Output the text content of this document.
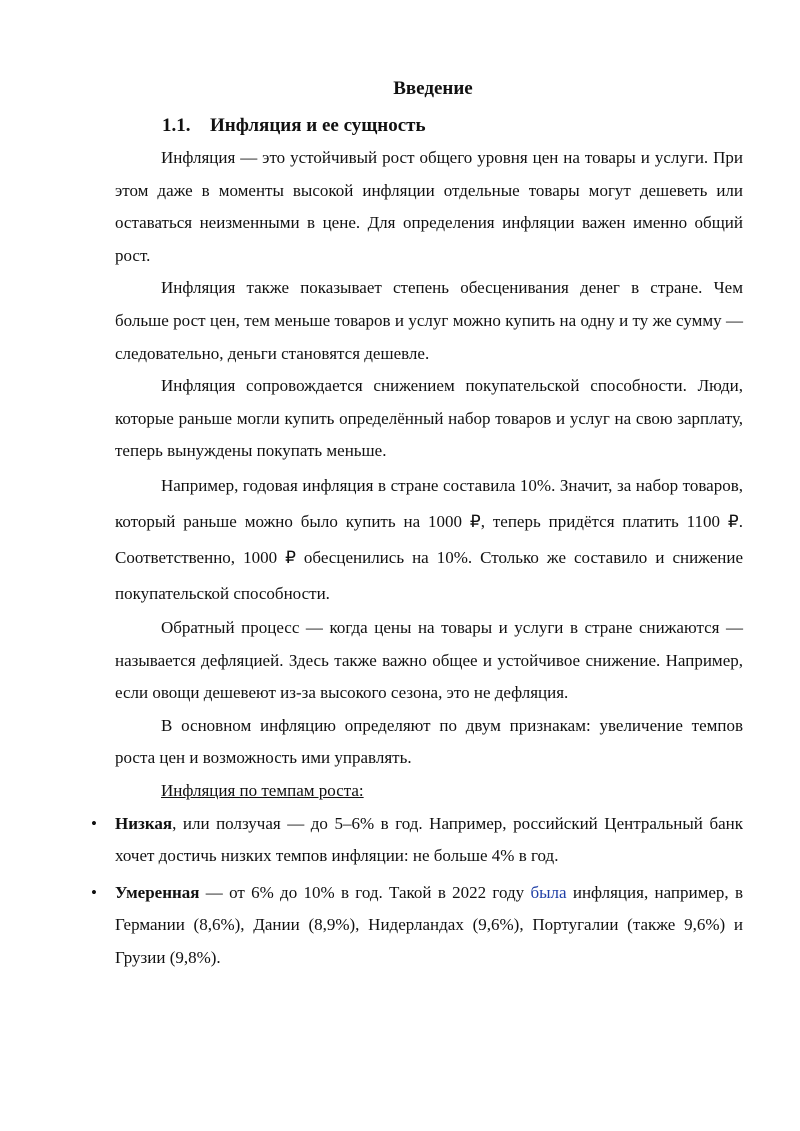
Введение
1.1. Инфляция и ее сущность

Инфляция — это устойчивый рост общего уровня цен на товары и услуги. При этом даже в моменты высокой инфляции отдельные товары могут дешеветь или оставаться неизменными в цене. Для определения инфляции важен именно общий рост.

Инфляция также показывает степень обесценивания денег в стране. Чем больше рост цен, тем меньше товаров и услуг можно купить на одну и ту же сумму — следовательно, деньги становятся дешевле.

Инфляция сопровождается снижением покупательской способности. Люди, которые раньше могли купить определённый набор товаров и услуг на свою зарплату, теперь вынуждены покупать меньше.

Например, годовая инфляция в стране составила 10%. Значит, за набор товаров, который раньше можно было купить на 1000 ₽, теперь придётся платить 1100 ₽. Соответственно, 1000 ₽ обесценились на 10%. Столько же составило и снижение покупательской способности.

Обратный процесс — когда цены на товары и услуги в стране снижаются — называется дефляцией. Здесь также важно общее и устойчивое снижение. Например, если овощи дешевеют из-за высокого сезона, это не дефляция.

В основном инфляцию определяют по двум признакам: увеличение темпов роста цен и возможность ими управлять.

Инфляция по темпам роста:
•	Низкая, или ползучая — до 5–6% в год. Например, российский Центральный банк хочет достичь низких темпов инфляции: не больше 4% в год.
•	Умеренная — от 6% до 10% в год. Такой в 2022 году была инфляция, например, в Германии (8,6%), Дании (8,9%), Нидерландах (9,6%), Португалии (также 9,6%) и Грузии (9,8%).
